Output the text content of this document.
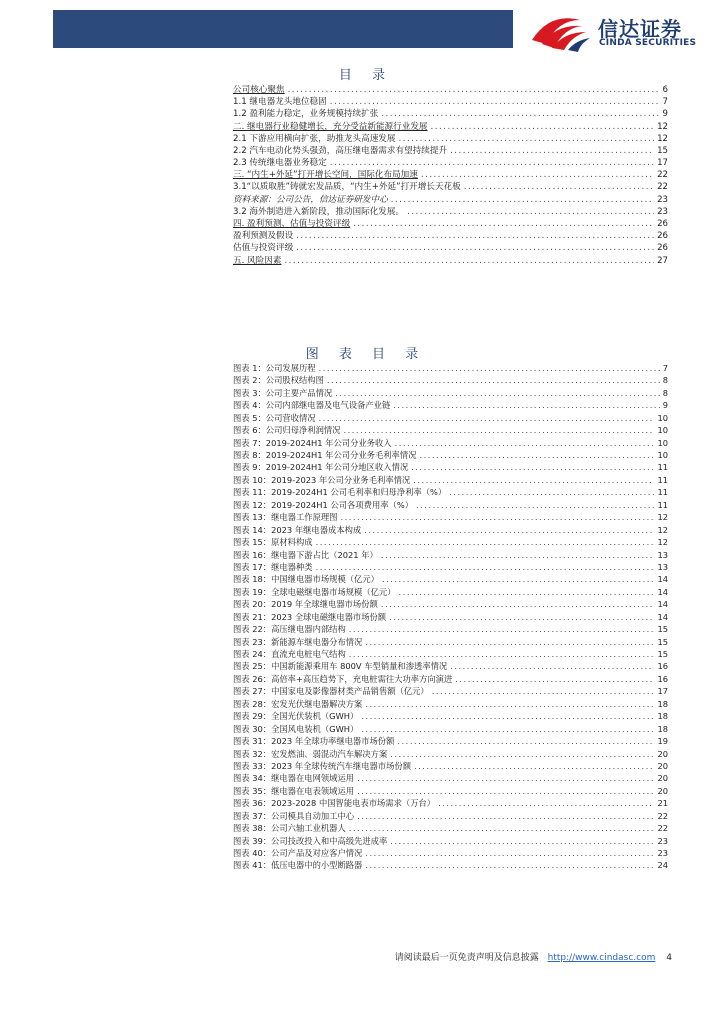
信达证券
CINDA SECURITIES
目 录
公司核心聚焦 .....	6
1.1 继电器龙头地位稳固 .....	7
1.2 盈利能力稳定，业务规模持续扩张 .....	9
二. 继电器行业稳健增长，充分受益新能源行业发展 .....	12
2.1 下游应用横向扩张，助推龙头高速发展 .....	12
2.2 汽车电动化势头强劲，高压继电器需求有望持续提升 .....	15
2.3 传统继电器业务稳定 .....	17
三. “内生+外延”打开增长空间，国际化布局加速 .....	22
3.1“以质取胜”铸就宏发品质，“内生+外延”打开增长天花板 .....	22
资料来源：公司公告，信达证券研发中心 .....	23
3.2 海外制造进入新阶段，推动国际化发展。 .....	23
四. 盈利预测、估值与投资评级 .....	26
盈利预测及假设 .....	26
估值与投资评级 .....	26
五. 风险因素 .....	27
图 表 目 录
图表 1：公司发展历程 .....	7
图表 2：公司股权结构图 .....	8
图表 3：公司主要产品情况 .....	8
图表 4：公司内部继电器及电气设备产业链 .....	9
图表 5：公司营收情况 .....	10
图表 6：公司归母净利润情况 .....	10
图表 7：2019-2024H1 年公司分业务收入 .....	10
图表 8：2019-2024H1 年公司分业务毛利率情况 .....	10
图表 9：2019-2024H1 年公司分地区收入情况 .....	11
图表 10：2019-2023 年公司分业务毛利率情况 .....	11
图表 11：2019-2024H1 公司毛利率和归母净利率（%） .....	11
图表 12：2019-2024H1 公司各项费用率（%） .....	11
图表 13：继电器工作原理图 .....	12
图表 14：2023 年继电器成本构成 .....	12
图表 15：原材料构成 .....	12
图表 16：继电器下游占比（2021 年） .....	13
图表 17：继电器种类 .....	13
图表 18：中国继电器市场规模（亿元） .....	14
图表 19：全球电磁继电器市场规模（亿元） .....	14
图表 20：2019 年全球继电器市场份额 .....	14
图表 21：2023 全球电磁继电器市场份额 .....	14
图表 22：高压继电器内部结构 .....	15
图表 23：新能源车继电器分布情况 .....	15
图表 24：直流充电桩电气结构 .....	15
图表 25：中国新能源乘用车 800V 车型销量和渗透率情况 .....	16
图表 26：高倍率+高压趋势下，充电桩需往大功率方向演进 .....	16
图表 27：中国家电及影像器材类产品销售额（亿元） .....	17
图表 28：宏发光伏继电器解决方案 .....	18
图表 29：全国光伏装机（GWH） .....	18
图表 30：全国风电装机（GWH） .....	18
图表 31：2023 年全球功率继电器市场份额 .....	19
图表 32：宏发燃油、弱混动汽车解决方案 .....	20
图表 33：2023 年全球传统汽车继电器市场份额 .....	20
图表 34：继电器在电网领域运用 .....	20
图表 35：继电器在电表领域运用 .....	20
图表 36：2023-2028 中国智能电表市场需求（万台） .....	21
图表 37：公司模具自动加工中心 .....	22
图表 38：公司六轴工业机器人 .....	22
图表 39：公司技改投入和中高级先进成率 .....	23
图表 40：公司产品及对应客户情况 .....	23
图表 41：低压电器中的小型断路器 .....	24
请阅读最后一页免责声明及信息披露 http://www.cindasc.com 4
